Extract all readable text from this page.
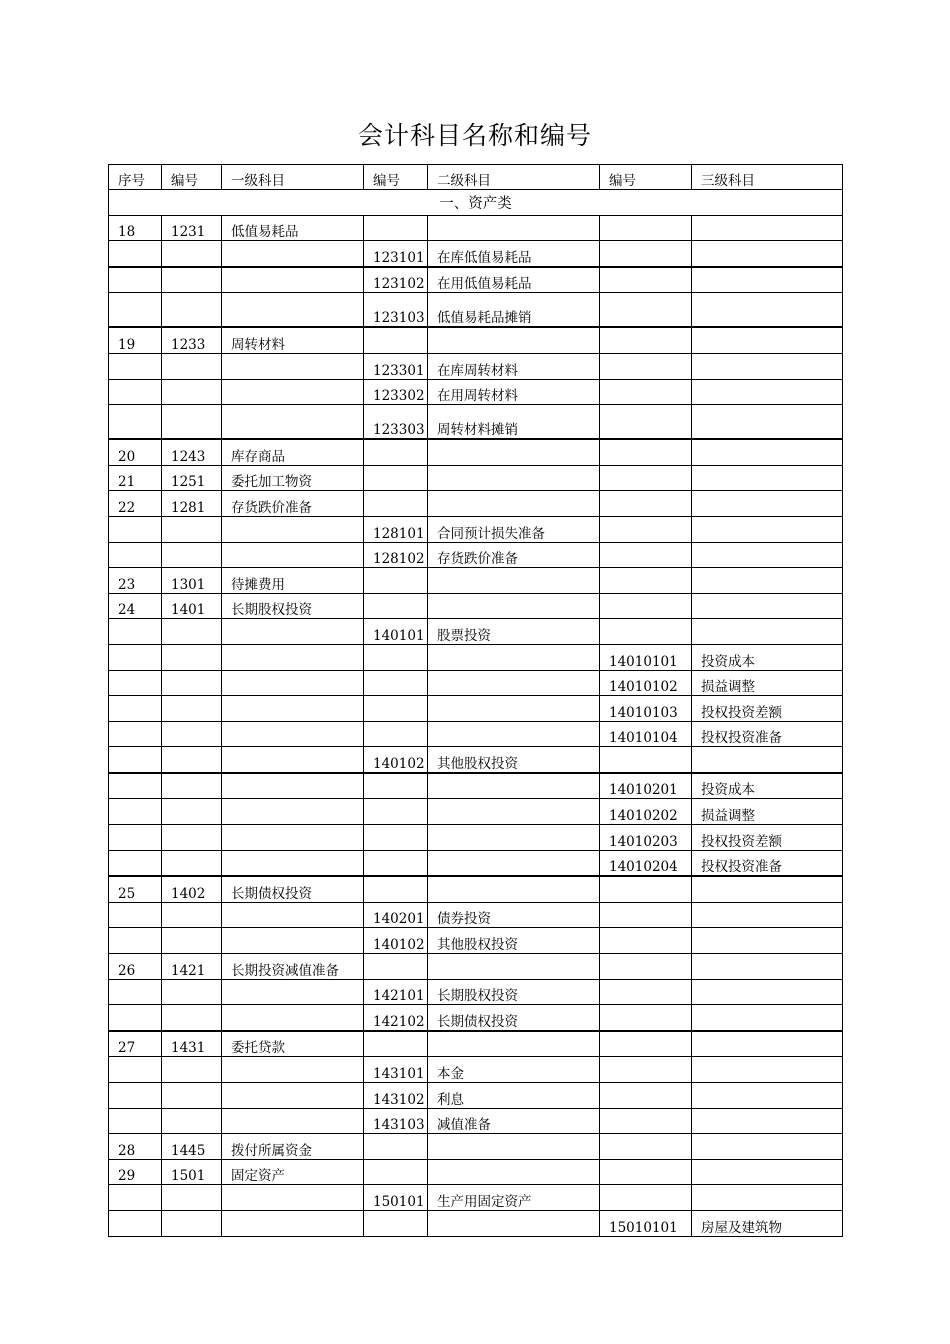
会计科目名称和编号
序号	编号	一级科目	编号	二级科目	编号	三级科目
一、资产类						
18	1231	低值易耗品				
			123101	在库低值易耗品		
			123102	在用低值易耗品		
			123103	低值易耗品摊销		
19	1233	周转材料				
			123301	在库周转材料		
			123302	在用周转材料		
			123303	周转材料摊销		
20	1243	库存商品				
21	1251	委托加工物资				
22	1281	存货跌价准备				
			128101	合同预计损失准备		
			128102	存货跌价准备		
23	1301	待摊费用				
24	1401	长期股权投资				
			140101	股票投资		
					14010101	投资成本
					14010102	损益调整
					14010103	投权投资差额
					14010104	投权投资准备
			140102	其他股权投资		
					14010201	投资成本
					14010202	损益调整
					14010203	投权投资差额
					14010204	投权投资准备
25	1402	长期债权投资				
			140201	债券投资		
			140102	其他股权投资		
26	1421	长期投资减值准备				
			142101	长期股权投资		
			142102	长期债权投资		
27	1431	委托贷款				
			143101	本金		
			143102	利息		
			143103	减值准备		
28	1445	拨付所属资金				
29	1501	固定资产				
			150101	生产用固定资产		
					15010101	房屋及建筑物
